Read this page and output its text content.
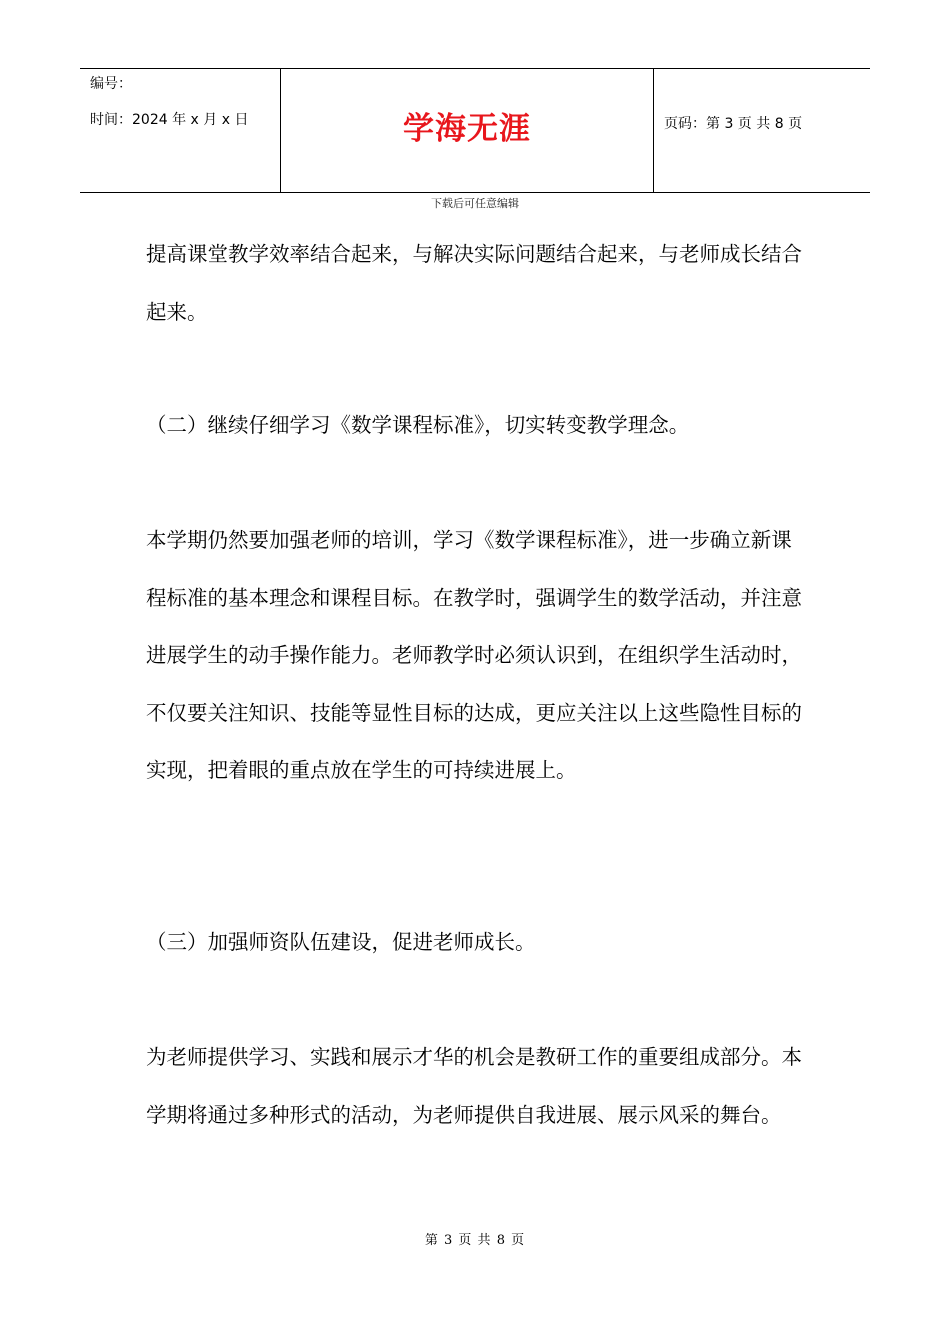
编号：
时间：2024 年 x 月 x 日	学海无涯	页码：第 3 页 共 8 页
下载后可任意编辑

提高课堂教学效率结合起来，与解决实际问题结合起来，与老师成长结合起来。

（二）继续仔细学习《数学课程标准》，切实转变教学理念。

本学期仍然要加强老师的培训，学习《数学课程标准》，进一步确立新课程标准的基本理念和课程目标。在教学时，强调学生的数学活动，并注意进展学生的动手操作能力。老师教学时必须认识到，在组织学生活动时，不仅要关注知识、技能等显性目标的达成，更应关注以上这些隐性目标的实现，把着眼的重点放在学生的可持续进展上。

（三）加强师资队伍建设，促进老师成长。

为老师提供学习、实践和展示才华的机会是教研工作的重要组成部分。本学期将通过多种形式的活动，为老师提供自我进展、展示风采的舞台。

第 3 页 共 8 页
